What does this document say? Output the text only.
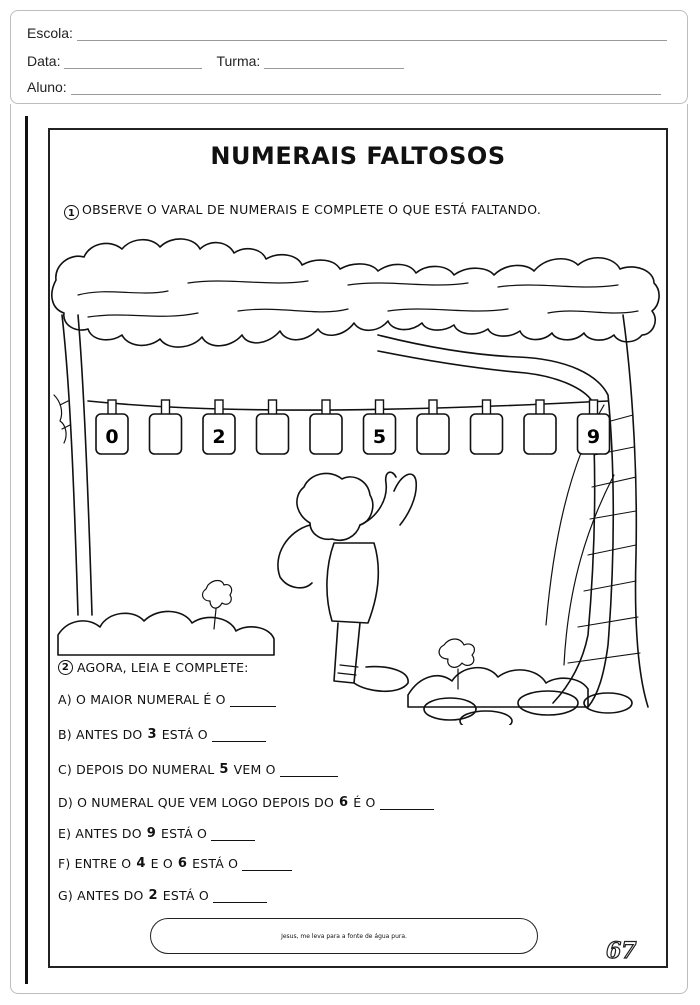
Escola:
Data:	Turma:
Aluno:
NUMERAIS FALTOSOS
1 OBSERVE O VARAL DE NUMERAIS E COMPLETE O QUE ESTÁ FALTANDO.
0	2	5	9
2 AGORA, LEIA E COMPLETE:
A) O MAIOR NUMERAL É O
B) ANTES DO 3 ESTÁ O
C) DEPOIS DO NUMERAL 5 VEM O
D) O NUMERAL QUE VEM LOGO DEPOIS DO 6 É O
E) ANTES DO 9 ESTÁ O
F) ENTRE O 4 E O 6 ESTÁ O
G) ANTES DO 2 ESTÁ O
Jesus, me leva para a fonte de água pura.
67
